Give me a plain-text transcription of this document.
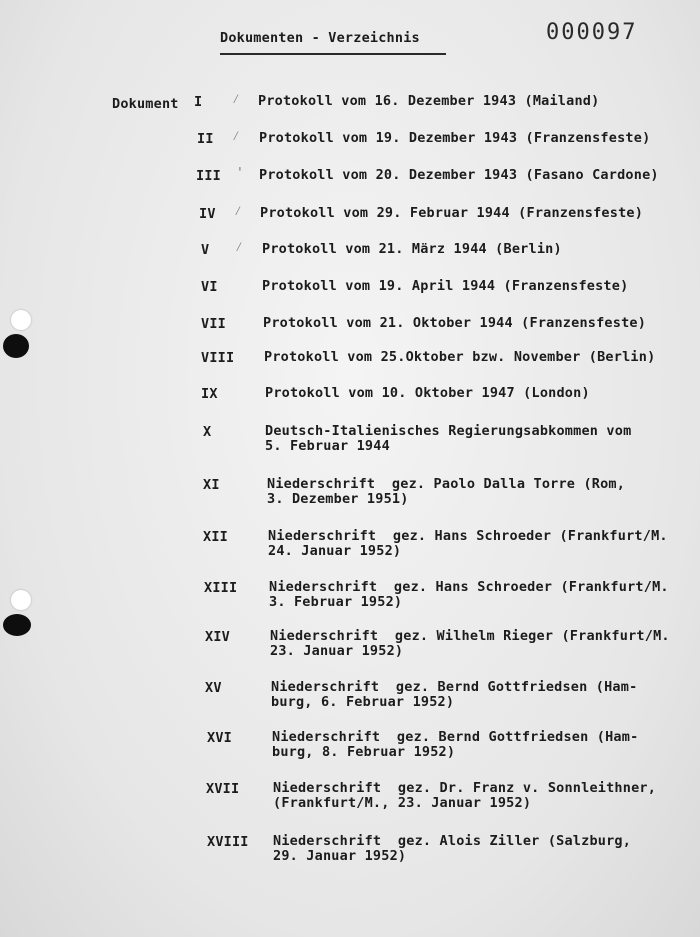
Dokumenten - Verzeichnis	000097
Dokument I ⁄ Protokoll vom 16. Dezember 1943 (Mailand)
II ⁄ Protokoll vom 19. Dezember 1943 (Franzensfeste)
III ' Protokoll vom 20. Dezember 1943 (Fasano Cardone)
IV ⁄ Protokoll vom 29. Februar 1944 (Franzensfeste)
V ⁄ Protokoll vom 21. März 1944 (Berlin)
VI	Protokoll vom 19. April 1944 (Franzensfeste)
VII	Protokoll vom 21. Oktober 1944 (Franzensfeste)
VIII Protokoll vom 25.Oktober bzw. November (Berlin)
IX	Protokoll vom 10. Oktober 1947 (London)
X	Deutsch-Italienisches Regierungsabkommen vom
5. Februar 1944
XI	Niederschrift  gez. Paolo Dalla Torre (Rom,
3. Dezember 1951)
XII	Niederschrift  gez. Hans Schroeder (Frankfurt/M.
24. Januar 1952)
XIII Niederschrift  gez. Hans Schroeder (Frankfurt/M.
3. Februar 1952)
XIV	Niederschrift  gez. Wilhelm Rieger (Frankfurt/M.
23. Januar 1952)
XV	Niederschrift  gez. Bernd Gottfriedsen (Ham-
burg, 6. Februar 1952)
XVI	Niederschrift  gez. Bernd Gottfriedsen (Ham-
burg, 8. Februar 1952)
XVII Niederschrift  gez. Dr. Franz v. Sonnleithner,
(Frankfurt/M., 23. Januar 1952)
XVIII Niederschrift  gez. Alois Ziller (Salzburg,
29. Januar 1952)
